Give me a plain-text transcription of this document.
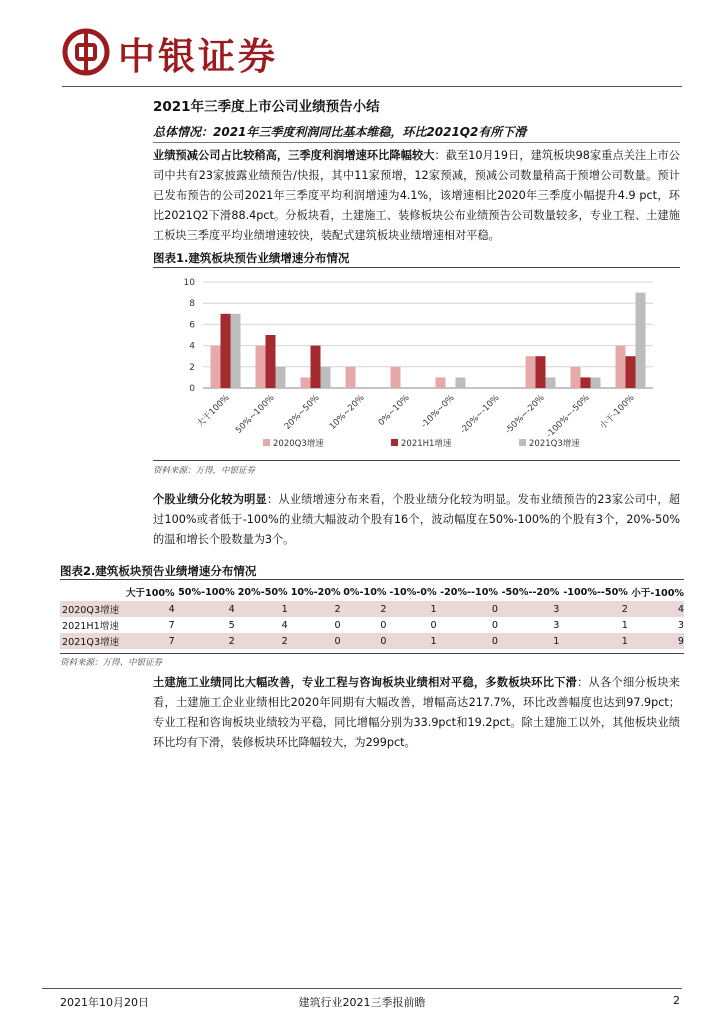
中银证券
2021年三季度上市公司业绩预告小结
总体情况：2021年三季度利润同比基本维稳，环比2021Q2有所下滑

业绩预减公司占比较稍高，三季度利润增速环比降幅较大：截至10月19日，建筑板块98家重点关注上市公司中共有23家披露业绩预告/快报，其中11家预增，12家预减，预减公司数量稍高于预增公司数量。预计已发布预告的公司2021年三季度平均利润增速为4.1%，该增速相比2020年三季度小幅提升4.9 pct，环比2021Q2下滑88.4pct。分板块看，土建施工、装修板块公布业绩预告公司数量较多，专业工程、土建施工板块三季度平均业绩增速较快，装配式建筑板块业绩增速相对平稳。

图表1.建筑板块预告业绩增速分布情况
0
2
4
6
8
10
大于100% 50%~100% 20%~50% 10%~20% 0%~10% -10%~0% -20%~-10% -50%~-20%
-100%~-50% 小于-100%
2020Q3增速	2021H1增速	2021Q3增速
资料来源：万得，中银证券

个股业绩分化较为明显：从业绩增速分布来看，个股业绩分化较为明显。发布业绩预告的23家公司中，超过100%或者低于-100%的业绩大幅波动个股有16个，波动幅度在50%-100%的个股有3个，20%-50%的温和增长个股数量为3个。

图表2.建筑板块预告业绩增速分布情况
	大于100%	50%-100%	20%-50%	10%-20%	0%-10%	-10%-0%	-20%--10%	-50%--20%	-100%--50%	小于-100%
2020Q3增速	4	4	1	2	2	1	0	3	2	4
2021H1增速	7	5	4	0	0	0	0	3	1	3
2021Q3增速	7	2	2	0	0	1	0	1	1	9
资料来源：万得、中银证券

土建施工业绩同比大幅改善，专业工程与咨询板块业绩相对平稳，多数板块环比下滑：从各个细分板块来看，土建施工企业业绩相比2020年同期有大幅改善，增幅高达217.7%，环比改善幅度也达到97.9pct；专业工程和咨询板块业绩较为平稳，同比增幅分别为33.9pct和19.2pct。除土建施工以外，其他板块业绩环比均有下滑，装修板块环比降幅较大，为299pct。

2021年10月20日	建筑行业2021三季报前瞻	2
